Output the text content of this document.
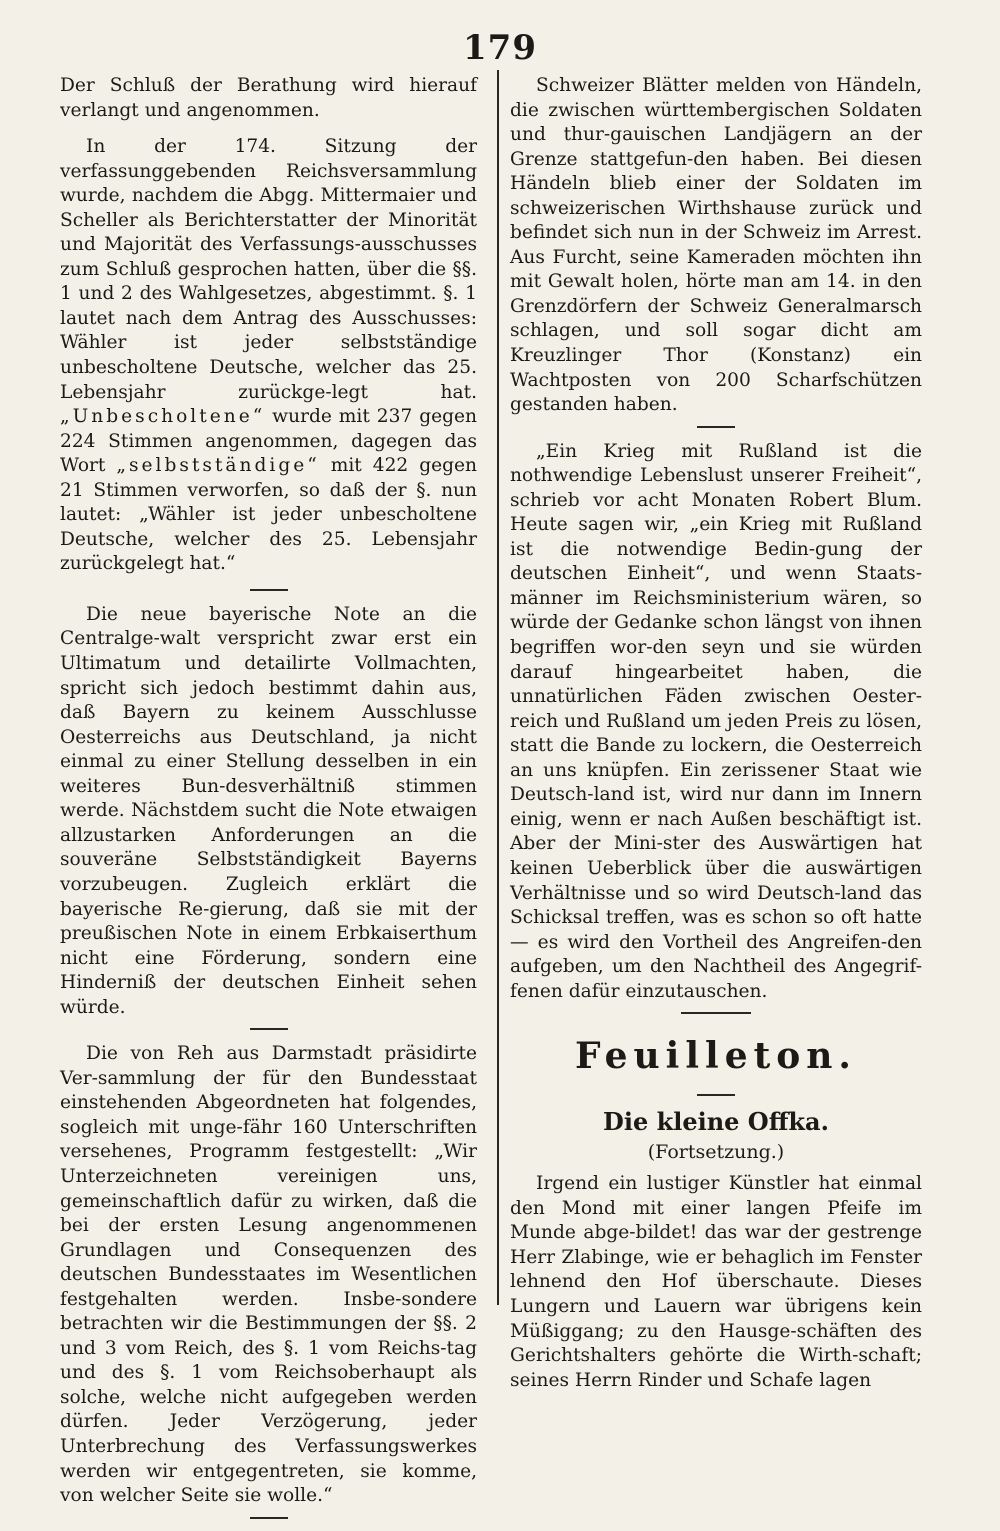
179

Der Schluß der Berathung wird hierauf verlangt und angenommen.

In der 174. Sitzung der verfassunggebenden Reichsversammlung wurde, nachdem die Abgg. Mittermaier und Scheller als Berichterstatter der Minorität und Majorität des Verfassungs-ausschusses zum Schluß gesprochen hatten, über die §§. 1 und 2 des Wahlgesetzes, abgestimmt. §. 1 lautet nach dem Antrag des Ausschusses: Wähler ist jeder selbstständige unbescholtene Deutsche, welcher das 25. Lebensjahr zurückge-legt hat. „Unbescholtene“ wurde mit 237 gegen 224 Stimmen angenommen, dagegen das Wort „selbstständige“ mit 422 gegen 21 Stimmen verworfen, so daß der §. nun lautet: „Wähler ist jeder unbescholtene Deutsche, welcher des 25. Lebensjahr zurückgelegt hat.“

Die neue bayerische Note an die Centralge-walt verspricht zwar erst ein Ultimatum und detailirte Vollmachten, spricht sich jedoch bestimmt dahin aus, daß Bayern zu keinem Ausschlusse Oesterreichs aus Deutschland, ja nicht einmal zu einer Stellung desselben in ein weiteres Bun-desverhältniß stimmen werde. Nächstdem sucht die Note etwaigen allzustarken Anforderungen an die souveräne Selbstständigkeit Bayerns vorzubeugen. Zugleich erklärt die bayerische Re-gierung, daß sie mit der preußischen Note in einem Erbkaiserthum nicht eine Förderung, sondern eine Hinderniß der deutschen Einheit sehen würde.

Die von Reh aus Darmstadt präsidirte Ver-sammlung der für den Bundesstaat einstehenden Abgeordneten hat folgendes, sogleich mit unge-fähr 160 Unterschriften versehenes, Programm festgestellt: „Wir Unterzeichneten vereinigen uns, gemeinschaftlich dafür zu wirken, daß die bei der ersten Lesung angenommenen Grundlagen und Consequenzen des deutschen Bundesstaates im Wesentlichen festgehalten werden. Insbe-sondere betrachten wir die Bestimmungen der §§. 2 und 3 vom Reich, des §. 1 vom Reichs-tag und des §. 1 vom Reichsoberhaupt als solche, welche nicht aufgegeben werden dürfen. Jeder Verzögerung, jeder Unterbrechung des Verfassungswerkes werden wir entgegentreten, sie komme, von welcher Seite sie wolle.“

Schweizer Blätter melden von Händeln, die zwischen württembergischen Soldaten und thur-gauischen Landjägern an der Grenze stattgefun-den haben. Bei diesen Händeln blieb einer der Soldaten im schweizerischen Wirthshause zurück und befindet sich nun in der Schweiz im Arrest. Aus Furcht, seine Kameraden möchten ihn mit Gewalt holen, hörte man am 14. in den Grenzdörfern der Schweiz Generalmarsch schlagen, und soll sogar dicht am Kreuzlinger Thor (Konstanz) ein Wachtposten von 200 Scharfschützen gestanden haben.

„Ein Krieg mit Rußland ist die nothwendige Lebenslust unserer Freiheit“, schrieb vor acht Monaten Robert Blum. Heute sagen wir, „ein Krieg mit Rußland ist die notwendige Bedin-gung der deutschen Einheit“, und wenn Staats-männer im Reichsministerium wären, so würde der Gedanke schon längst von ihnen begriffen wor-den seyn und sie würden darauf hingearbeitet haben, die unnatürlichen Fäden zwischen Oester-reich und Rußland um jeden Preis zu lösen, statt die Bande zu lockern, die Oesterreich an uns knüpfen. Ein zerissener Staat wie Deutsch-land ist, wird nur dann im Innern einig, wenn er nach Außen beschäftigt ist. Aber der Mini-ster des Auswärtigen hat keinen Ueberblick über die auswärtigen Verhältnisse und so wird Deutsch-land das Schicksal treffen, was es schon so oft hatte — es wird den Vortheil des Angreifen-den aufgeben, um den Nachtheil des Angegrif-fenen dafür einzutauschen.

Feuilleton.
Die kleine Offka.
(Fortsetzung.)

Irgend ein lustiger Künstler hat einmal den Mond mit einer langen Pfeife im Munde abge-bildet! das war der gestrenge Herr Zlabinge, wie er behaglich im Fenster lehnend den Hof überschaute. Dieses Lungern und Lauern war übrigens kein Müßiggang; zu den Hausge-schäften des Gerichtshalters gehörte die Wirth-schaft; seines Herrn Rinder und Schafe lagen
